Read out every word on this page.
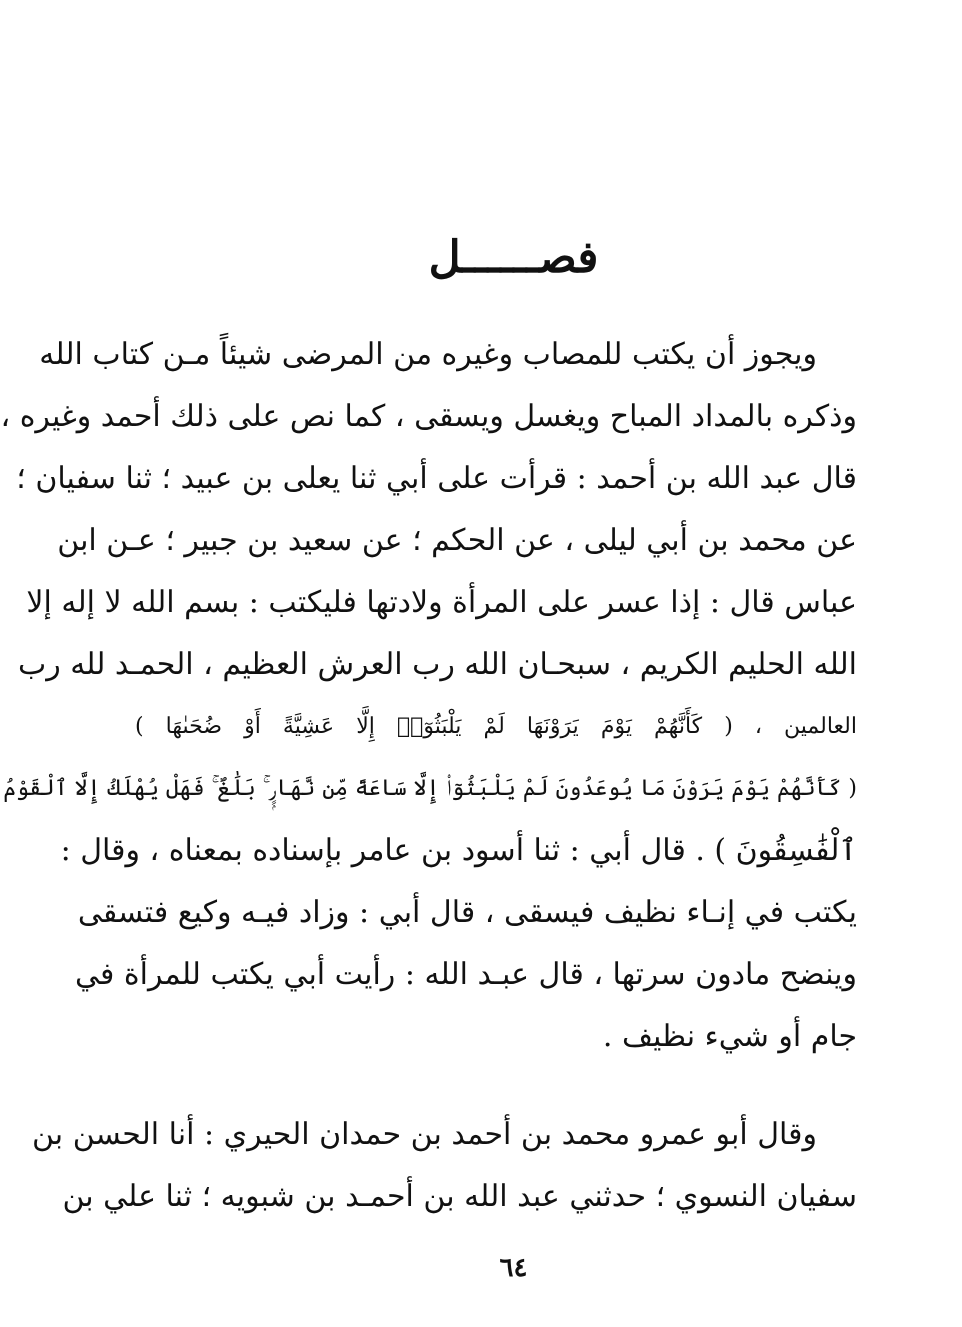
فصــــــل
ويجوز أن يكتب للمصاب وغيره من المرضى شيئاً مـن كتاب الله
وذكره بالمداد المباح ويغسل ويسقى ، كما نص على ذلك أحمد وغيره ،
قال عبد الله بن أحمد : قرأت على أبي ثنا يعلى بن عبيد ؛ ثنا سفيان ؛
عن محمد بن أبي ليلى ، عن الحكم ؛ عن سعيد بن جبير ؛ عـن ابن
عباس قال : إذا عسر على المرأة ولادتها فليكتب : بسم الله لا إله إلا
الله الحليم الكريم ، سبحـان الله رب العرش العظيم ، الحمـد لله رب
العالمين ، ( كَأَنَّهُمْ يَوْمَ يَرَوْنَهَا لَمْ يَلْبَثُوٓا۟ إِلَّا عَشِيَّةً أَوْ ضُحَىٰهَا )
( كَأَنَّهُمْ يَوْمَ يَرَوْنَ مَا يُوعَدُونَ لَمْ يَلْبَثُوٓا۟ إِلَّا سَاعَةً مِّن نَّهَارٍۭ ۚ بَلَٰغٌ ۚ فَهَلْ يُهْلَكُ إِلَّا ٱلْقَوْمُ
ٱلْفَٰسِقُونَ ) . قال أبي : ثنا أسود بن عامر بإسناده بمعناه ، وقال :
يكتب في إنـاء نظيف فيسقى ، قال أبي : وزاد فيـه وكيع فتسقى
وينضح مادون سرتها ، قال عبـد الله : رأيت أبي يكتب للمرأة في
جام أو شيء نظيف .
وقال أبو عمرو محمد بن أحمد بن حمدان الحيري : أنا الحسن بن
سفيان النسوي ؛ حدثني عبد الله بن أحمـد بن شبويه ؛ ثنا علي بن
٦٤
